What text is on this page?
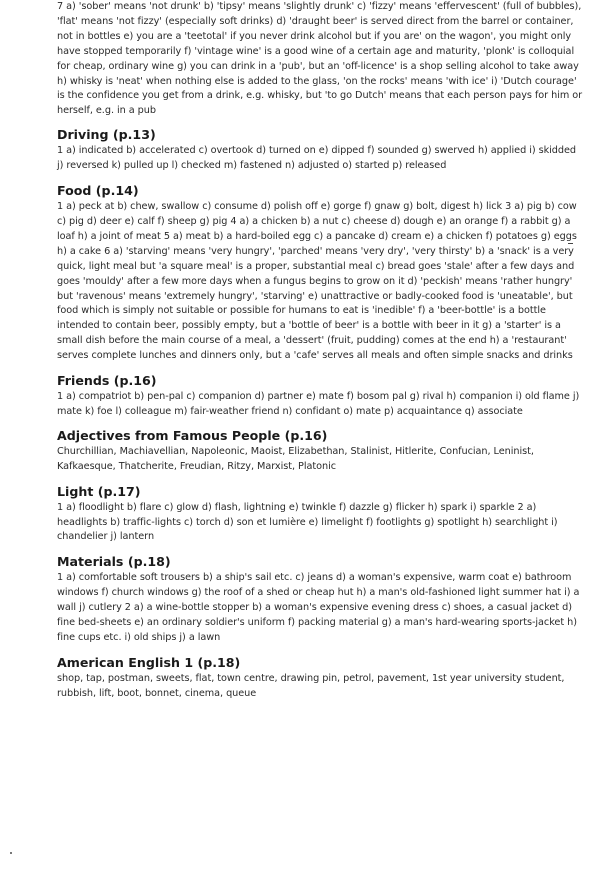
7 a) 'sober' means 'not drunk' b) 'tipsy' means 'slightly drunk' c) 'fizzy' means 'effervescent' (full of bubbles), 'flat' means 'not fizzy' (especially soft drinks) d) 'draught beer' is served direct from the barrel or container, not in bottles e) you are a 'teetotal' if you never drink alcohol but if you are' on the wagon', you might only have stopped temporarily f) 'vintage wine' is a good wine of a certain age and maturity, 'plonk' is colloquial for cheap, ordinary wine g) you can drink in a 'pub', but an 'off-licence' is a shop selling alcohol to take away h) whisky is 'neat' when nothing else is added to the glass, 'on the rocks' means 'with ice' i) 'Dutch courage' is the confidence you get from a drink, e.g. whisky, but 'to go Dutch' means that each person pays for him or herself, e.g. in a pub

Driving (p.13)

1 a) indicated b) accelerated c) overtook d) turned on e) dipped f) sounded g) swerved h) applied i) skidded j) reversed k) pulled up l) checked m) fastened n) adjusted o) started p) released

Food (p.14)

1 a) peck at b) chew, swallow c) consume d) polish off e) gorge f) gnaw g) bolt, digest h) lick 3 a) pig b) cow c) pig d) deer e) calf f) sheep g) pig 4 a) a chicken b) a nut c) cheese d) dough e) an orange f) a rabbit g) a loaf h) a joint of meat 5 a) meat b) a hard-boiled egg c) a pancake d) cream e) a chicken f) potatoes g) eggs h) a cake 6 a) 'starving' means 'very hungry', 'parched' means 'very dry', 'very thirsty' b) a 'snack' is a very quick, light meal but 'a square meal' is a proper, substantial meal c) bread goes 'stale' after a few days and goes 'mouldy' after a few more days when a fungus begins to grow on it d) 'peckish' means 'rather hungry' but 'ravenous' means 'extremely hungry', 'starving' e) unattractive or badly-cooked food is 'uneatable', but food which is simply not suitable or possible for humans to eat is 'inedible' f) a 'beer-bottle' is a bottle intended to contain beer, possibly empty, but a 'bottle of beer' is a bottle with beer in it g) a 'starter' is a small dish before the main course of a meal, a 'dessert' (fruit, pudding) comes at the end h) a 'restaurant' serves complete lunches and dinners only, but a 'cafe' serves all meals and often simple snacks and drinks

Friends (p.16)

1 a) compatriot b) pen-pal c) companion d) partner e) mate f) bosom pal g) rival h) companion i) old flame j) mate k) foe l) colleague m) fair-weather friend n) confidant o) mate p) acquaintance q) associate

Adjectives from Famous People (p.16)

Churchillian, Machiavellian, Napoleonic, Maoist, Elizabethan, Stalinist, Hitlerite, Confucian, Leninist, Kafkaesque, Thatcherite, Freudian, Ritzy, Marxist, Platonic

Light (p.17)

1 a) floodlight b) flare c) glow d) flash, lightning e) twinkle f) dazzle g) flicker h) spark i) sparkle 2 a) headlights b) traffic-lights c) torch d) son et lumière e) limelight f) footlights g) spotlight h) searchlight i) chandelier j) lantern

Materials (p.18)

1 a) comfortable soft trousers b) a ship's sail etc. c) jeans d) a woman's expensive, warm coat e) bathroom windows f) church windows g) the roof of a shed or cheap hut h) a man's old-fashioned light summer hat i) a wall j) cutlery 2 a) a wine-bottle stopper b) a woman's expensive evening dress c) shoes, a casual jacket d) fine bed-sheets e) an ordinary soldier's uniform f) packing material g) a man's hard-wearing sports-jacket h) fine cups etc. i) old ships j) a lawn

American English 1 (p.18)

shop, tap, postman, sweets, flat, town centre, drawing pin, petrol, pavement, 1st year university student, rubbish, lift, boot, bonnet, cinema, queue
